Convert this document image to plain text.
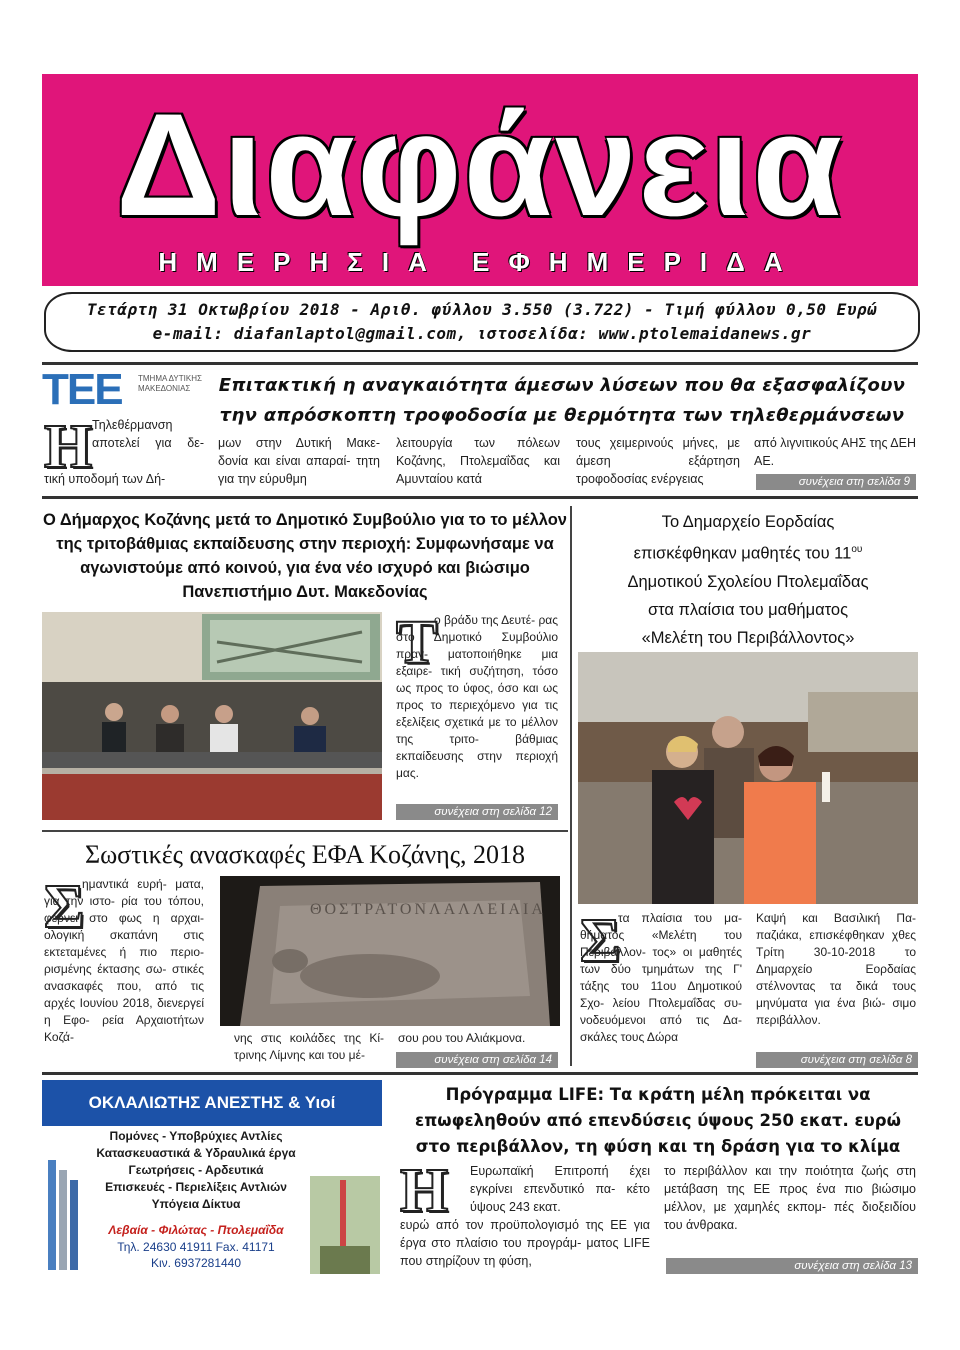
Διαφάνεια
ΗΜΕΡΗΣΙΑ ΕΦΗΜΕΡΙΔΑ
Τετάρτη 31 Οκτωβρίου 2018 - Αριθ. φύλλου 3.550 (3.722) - Τιμή φύλλου 0,50 Ευρώ
e-mail: diafanlaptol@gmail.com, ιστοσελίδα: www.ptolemaidanews.gr
ΤΕΕ ΤΜΗΜΑ ΔΥΤΙΚΗΣ ΜΑΚΕΔΟΝΙΑΣ	Επιτακτική η αναγκαιότητα άμεσων λύσεων που θα εξασφαλίζουν
την απρόσκοπτη τροφοδοσία με θερμότητα των τηλεθερμάνσεων
Η Τηλεθέρμανση αποτελεί για δε-
τική υποδομή των Δή-
μων στην Δυτική Μακε- δονία και είναι απαραί- τητη για την εύρυθμη
λειτουργία των πόλεων Κοζάνης, Πτολεμαΐδας και Αμυνταίου κατά
τους χειμερινούς μήνες, με άμεση εξάρτηση τροφοδοσίας ενέργειας
από λιγνιτικούς ΑΗΣ της ΔΕΗ ΑΕ.
συνέχεια στη σελίδα 9
Ο Δήμαρχος Κοζάνης μετά το Δημοτικό Συμβούλιο για το το μέλλον της τριτοβάθμιας εκπαίδευσης στην περιοχή: Συμφωνήσαμε να αγωνιστούμε από κοινού, για ένα νέο ισχυρό και βιώσιμο Πανεπιστήμιο Δυτ. Μακεδονίας
Τ
ο βράδυ της Δευτέ- ρας στο Δημοτικό Συμβούλιο πραγ- ματοποιήθηκε μια εξαιρε- τική συζήτηση, τόσο ως προς το ύφος, όσο και ως προς το περιεχόμενο για τις εξελίξεις σχετικά με το μέλλον της τριτο- βάθμιας εκπαίδευσης στην περιοχή μας.
συνέχεια στη σελίδα 12
Σωστικές ανασκαφές ΕΦΑ Κοζάνης, 2018
Σ
ημαντικά ευρή- ματα, για την ιστο- ρία του τόπου, φέρνει στο φως η αρχαι- ολογική σκαπάνη στις εκτεταμένες ή πιο περιο- ρισμένης έκτασης σω- στικές ανασκαφές που, από τις αρχές Ιουνίου 2018, διενεργεί η Εφο- ρεία Αρχαιοτήτων Κοζά-
ΘΟΣΤΡΑΤΟΝΛΑΛΛΕΙΑΙΑ
νης στις κοιλάδες της Κί- τρινης Λίμνης και του μέ-
σου ρου του Αλιάκμονα.
συνέχεια στη σελίδα 14
Το Δημαρχείο Εορδαίας
επισκέφθηκαν μαθητές του $11^{o\upsilon}$
Δημοτικού Σχολείου Πτολεμαΐδας
στα πλαίσια του μαθήματος
«Μελέτη του Περιβάλλοντος»
Σ
τα πλαίσια του μα- θήματος «Μελέτη του Περιβάλλον- τος» οι μαθητές των δύο τμημάτων της Γ' τάξης του 11ου Δημοτικού Σχο- λείου Πτολεμαΐδας συ- νοδευόμενοι από τις Δα- σκάλες τους Δώρα
Καψή και Βασιλική Πα- παζιάκα, επισκέφθηκαν χθες Τρίτη 30-10-2018 το Δημαρχείο Εορδαίας στέλνοντας τα δικά τους μηνύματα για ένα βιώ- σιμο περιβάλλον.
συνέχεια στη σελίδα 8
ΟΚΛΑΛΙΩΤΗΣ ΑΝΕΣΤΗΣ & Υιοί
Πομόνες - Υποβρύχιες Αντλίες
Κατασκευαστικά & Υδραυλικά έργα
Γεωτρήσεις - Αρδευτικά
Επισκευές - Περιελίξεις Αντλιών
Υπόγεια Δίκτυα
Λεβαία - Φιλώτας - Πτολεμαΐδα
Τηλ. 24630 41911 Fax. 41171
Κιν. 6937281440
Πρόγραμμα LIFE: Τα κράτη μέλη πρόκειται να επωφεληθούν από επενδύσεις ύψους 250 εκατ. ευρώ στο περιβάλλον, τη φύση και τη δράση για το κλίμα
Η Ευρωπαϊκή Επιτροπή έχει εγκρίνει επενδυτικό πα- κέτο ύψους 243 εκατ.
ευρώ από τον προϋπολογισμό της ΕΕ για έργα στο πλαίσιο του προγράμ- ματος LIFE που στηρίζουν τη φύση,
το περιβάλλον και την ποιότητα ζωής στη μετάβαση της ΕΕ προς ένα πιο βιώσιμο μέλλον, με χαμηλές εκπομ- πές διοξειδίου του άνθρακα.
συνέχεια στη σελίδα 13
